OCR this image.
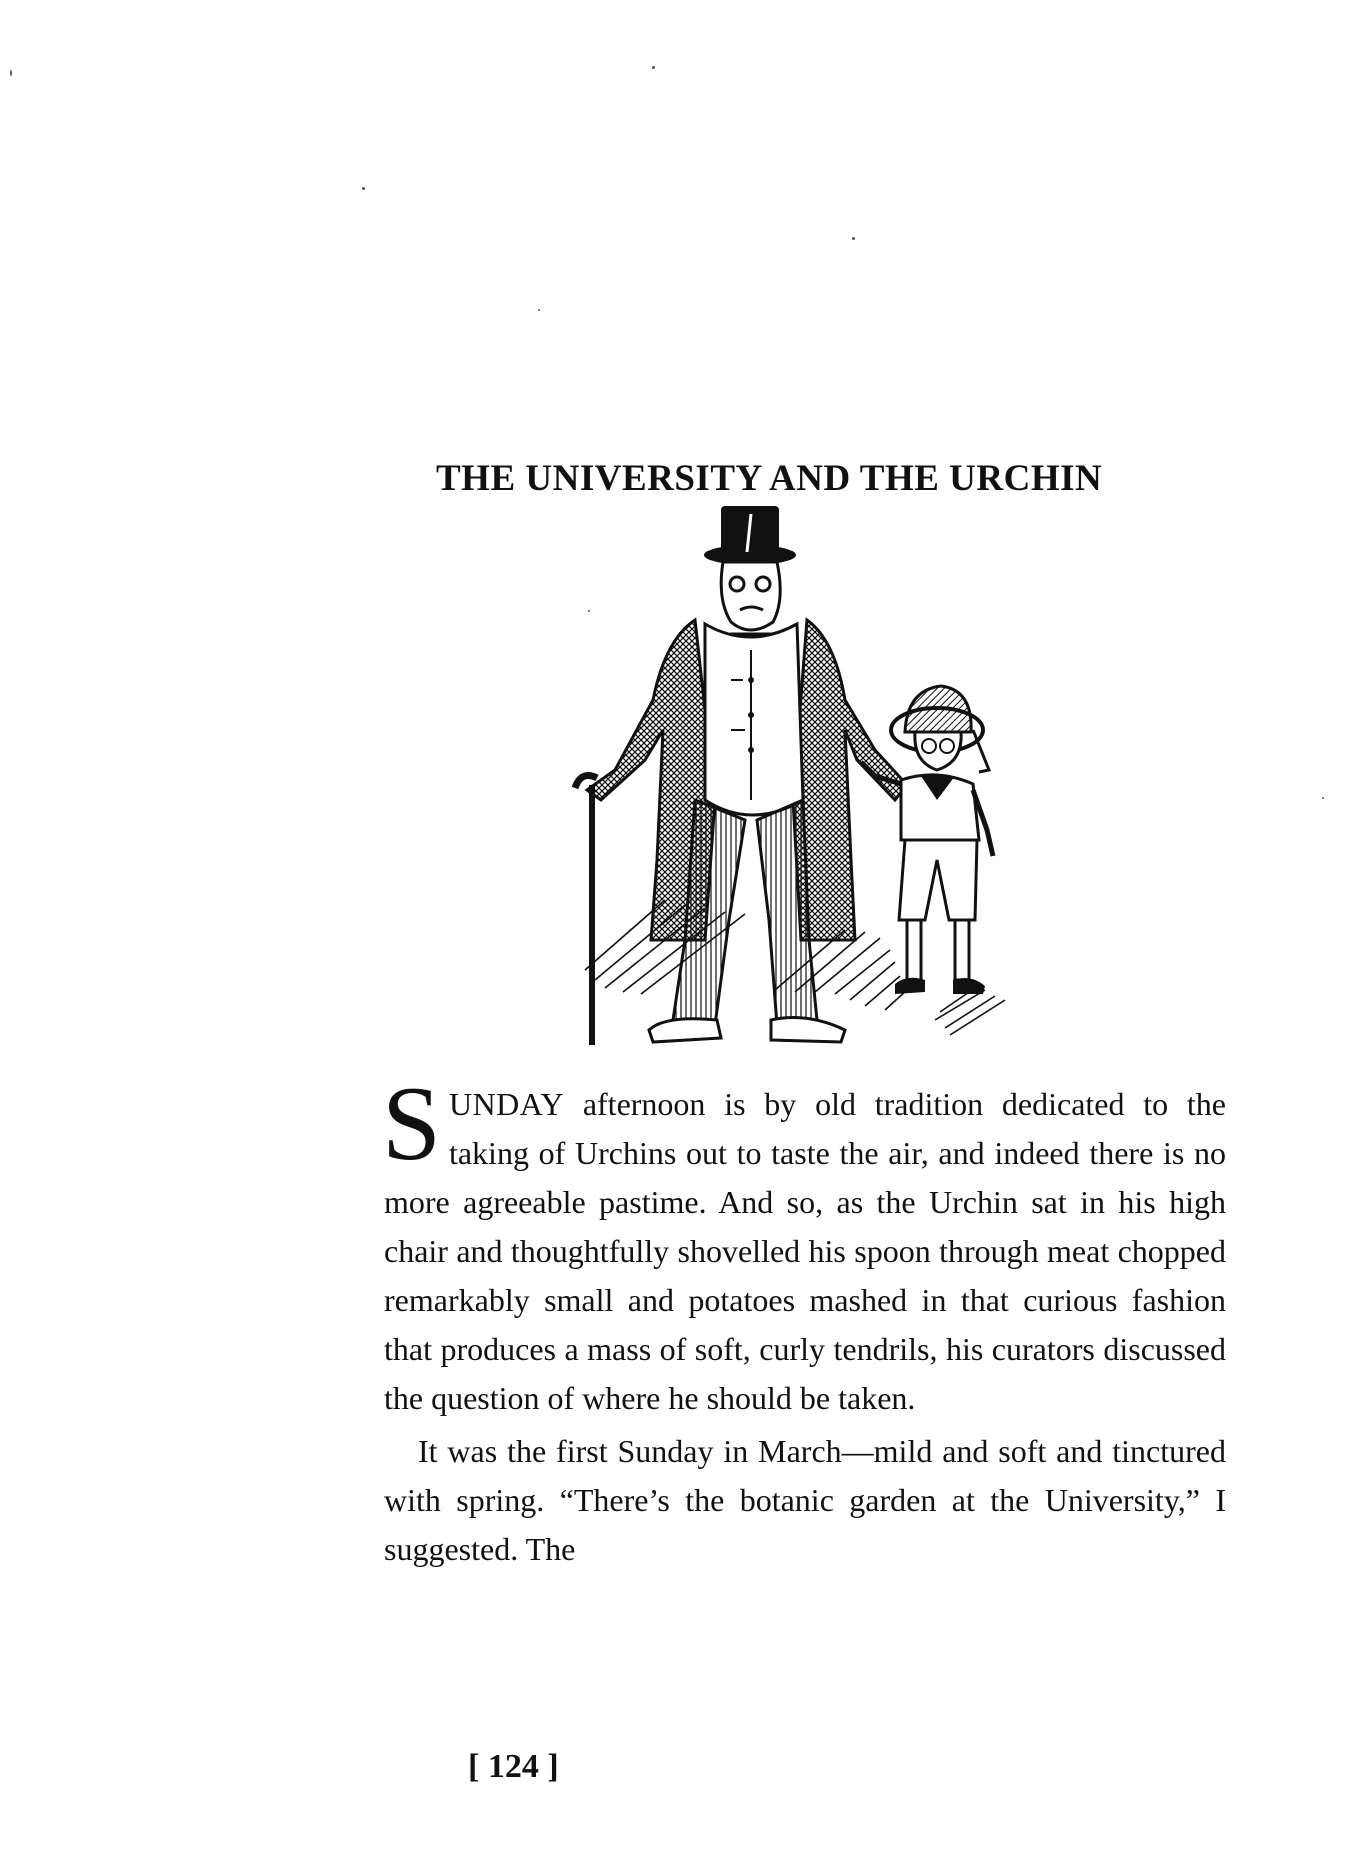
THE UNIVERSITY AND THE URCHIN

SUNDAY afternoon is by old tradition dedicated to the taking of Urchins out to taste the air, and indeed there is no more agreeable pastime. And so, as the Urchin sat in his high chair and thoughtfully shovelled his spoon through meat chopped remarkably small and potatoes mashed in that curious fashion that produces a mass of soft, curly tendrils, his curators discussed the question of where he should be taken.

It was the first Sunday in March—mild and soft and tinctured with spring. “There’s the botanic garden at the University,” I suggested. The

[ 124 ]
